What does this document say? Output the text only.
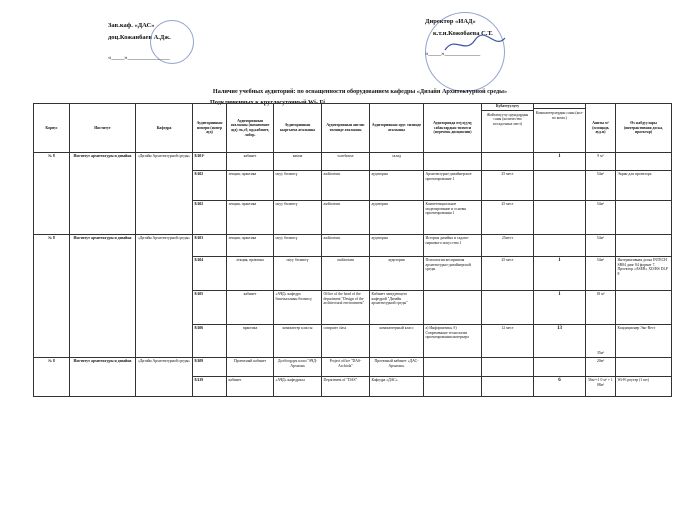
Зав.каф. «ДАС»
доц.Кожанбаев А.Дж.
«____»_____________
Директор «ИАД»
к.т.н.Кожобаева С.Т.
«____»___________
Наличие учебных аудиторий: по оснащенности оборудованием кафедры «Дизайн Архитектурной среды»
Подключенных к круглосуточный Wi- Fi
Корпус	Институт	Кафедра	Аудиторнинын номери (номер ауд)	Аудиториянын аталышы (назначение ауд) лк,сб, пр,кабинет, лабор.	Аудиториянын кыргызча аталышы	Аудиториянын англис тилинде аталышы	Аудиториянын орус тилинде аталышы	Аудиторияда өтүлүүчү сабактардын тизмеси (перечень дисциплин)	Кубаттуулугу
Жайгашуучу орундардын саны (количество посадочных мест)	Компьютерлердин саны (кол-во комп.)	Аянты м² (площадь ауд.м)	Өз жабдуулары (интерактивная доска, проектор)
№ 8	Институт архитектуры и дизайна	«Дизайн Архитектурной среды»	8/401ª	кабинет	кампа	warehouse	склад			1	9 м²	
			8/402	лекция, практика	окуу бөлмөсү	auditorium	аудитория	Архитектурно-дизайнерское проектирование 1	25 мест		54м²	Экран для проектора
			8/402	лекция, практика	окуу бөлмөсү	auditorium	аудитория	Компетенциальное моделирование и основы проектирования 1	25 мест		54м²	
№ 8	Институт архитектуры и дизайна	«Дизайн Архитектурной среды»	8/403	лекция, практика	окуу бөлмөсү	auditorium	аудитория	История дизайна и садово-паркового искусства 1	25мест		54м²	
			8/404	лекция, практика	окуу бөлмөсү	auditorium	аудитория	Психология восприятия архитектурно-дизайнерской среды	25 мест	1	54м²	Интерактивная доска INTECH SR84 диаг 84 формат 7, Проектор «ASER» XD/HS DLP 8
			8/405	кабинет	«АЧД» кафедра башчысынын бөлмөсү	Office of the head of the department "Design of the architectural environment"	Кабинет заведующего кафедрой "Дизайн архитектурной среды"			1	18 м²	
			8/406	практика	компьютер классы	computer class	компьютерный класс	а) Информатика, б) Современные технологии проектирования интерьера	12 мест	13	35м²	Кондиционер Эко-Вест
№ 8	Институт архитектуры и дизайна	«Дизайн Архитектурной среды»	8/409	Проектный кабинет	Долбоордук класс"АЧД-Архиона	Project office "DAS-Archiola"	Проектный кабинет «ДАС-Архиона»				20м²	
			8/419	кабинет	«АЧД» кафедрасы	Department of "DAS"	Кафедра «ДАС»			6	56м²+1 0 м² + 1 08м²	Wi-Fi роутер (1 шт)
